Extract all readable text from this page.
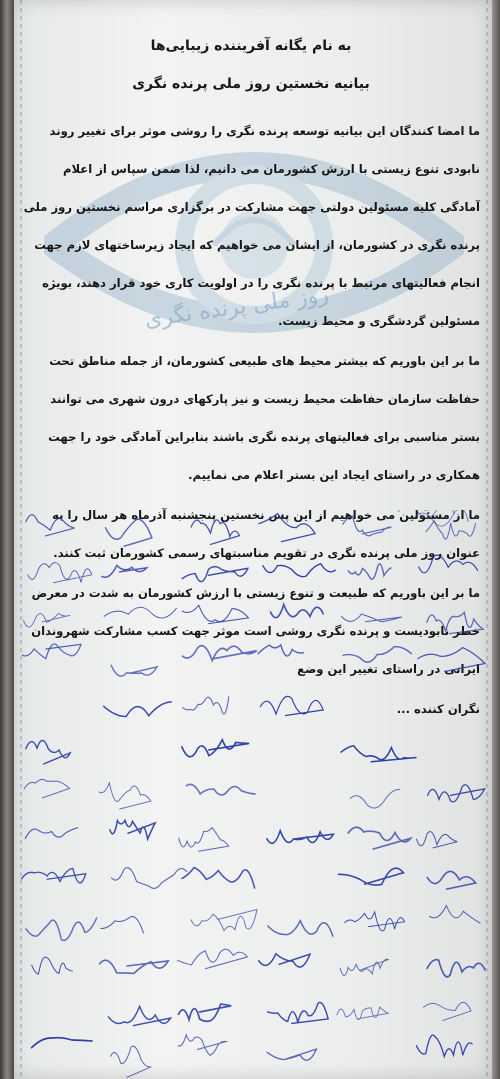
روز ملی پرنده نگری

به نام یگانه آفریننده زیبایی‌ها

بیانیه نخستین روز ملی پرنده نگری

ما امضا کنندگان این بیانیه توسعه پرنده نگری را روشی موثر برای تغییر روند نابودی تنوع زیستی با ارزش کشورمان می دانیم، لذا ضمن سپاس از اعلام آمادگی کلیه مسئولین دولتی جهت مشارکت در برگزاری مراسم نخستین روز ملی پرنده نگری در کشورمان، از ایشان می خواهیم که ایجاد زیرساختهای لازم جهت انجام فعالیتهای مرتبط با پرنده نگری را در اولویت کاری خود قرار دهند، بویژه مسئولین گردشگری و محیط زیست.

ما بر این باوریم که بیشتر محیط های طبیعی کشورمان، از جمله مناطق تحت حفاظت سازمان حفاظت محیط زیست و نیز پارکهای درون شهری می توانند بستر مناسبی برای فعالیتهای پرنده نگری باشند بنابراین آمادگی خود را جهت همکاری در راستای ایجاد این بستر اعلام می نماییم.

ما از مسئولین می خواهیم از این پس نخستین پنجشنبه آذرماه هر سال را به عنوان روز ملی پرنده نگری در تقویم مناسبتهای رسمی کشورمان ثبت کنند.

ما بر این باوریم که طبیعت و تنوع زیستی با ارزش کشورمان به شدت در معرض خطر نابودیست و پرنده نگری روشی است موثر جهت کسب مشارکت شهروندان ایرانی در راستای تغییر این وضع

نگران کننده ...
